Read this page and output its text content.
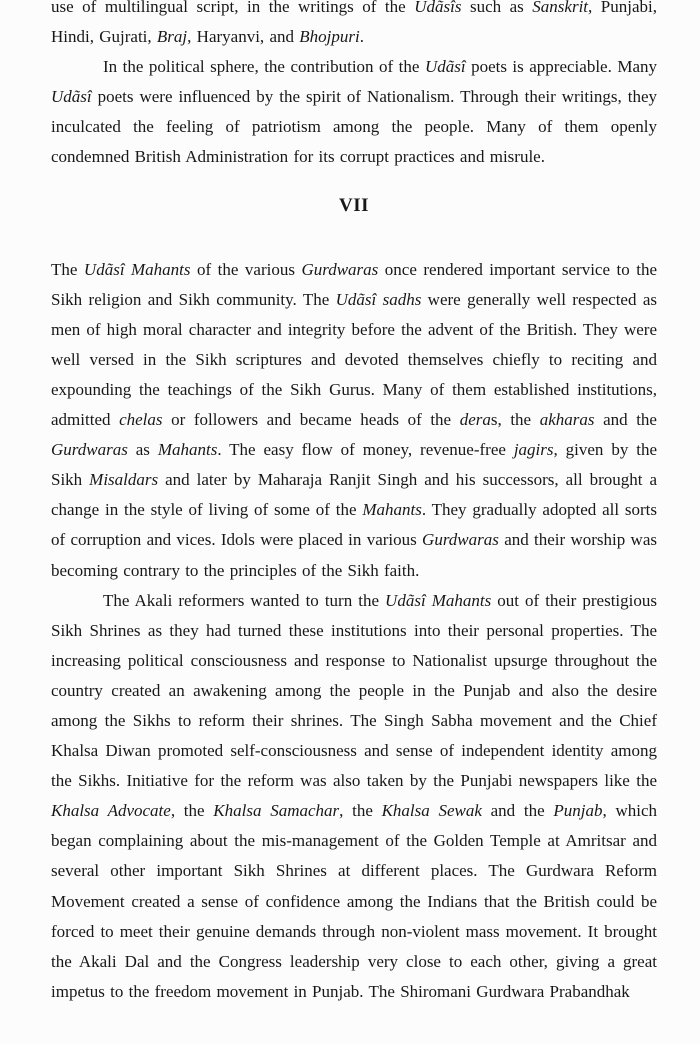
use of multilingual script, in the writings of the Udãsîs such as Sanskrit, Punjabi, Hindi, Gujrati, Braj, Haryanvi, and Bhojpuri.

In the political sphere, the contribution of the Udãsî poets is appreciable. Many Udãsî poets were influenced by the spirit of Nationalism. Through their writings, they inculcated the feeling of patriotism among the people. Many of them openly condemned British Administration for its corrupt practices and misrule.

VII

The Udãsî Mahants of the various Gurdwaras once rendered important service to the Sikh religion and Sikh community. The Udãsî sadhs were generally well respected as men of high moral character and integrity before the advent of the British. They were well versed in the Sikh scriptures and devoted themselves chiefly to reciting and expounding the teachings of the Sikh Gurus. Many of them established institutions, admitted chelas or followers and became heads of the deras, the akharas and the Gurdwaras as Mahants. The easy flow of money, revenue-free jagirs, given by the Sikh Misaldars and later by Maharaja Ranjit Singh and his successors, all brought a change in the style of living of some of the Mahants. They gradually adopted all sorts of corruption and vices. Idols were placed in various Gurdwaras and their worship was becoming contrary to the principles of the Sikh faith.

The Akali reformers wanted to turn the Udãsî Mahants out of their prestigious Sikh Shrines as they had turned these institutions into their personal properties. The increasing political consciousness and response to Nationalist upsurge throughout the country created an awakening among the people in the Punjab and also the desire among the Sikhs to reform their shrines. The Singh Sabha movement and the Chief Khalsa Diwan promoted self-consciousness and sense of independent identity among the Sikhs. Initiative for the reform was also taken by the Punjabi newspapers like the Khalsa Advocate, the Khalsa Samachar, the Khalsa Sewak and the Punjab, which began complaining about the mis-management of the Golden Temple at Amritsar and several other important Sikh Shrines at different places. The Gurdwara Reform Movement created a sense of confidence among the Indians that the British could be forced to meet their genuine demands through non-violent mass movement. It brought the Akali Dal and the Congress leadership very close to each other, giving a great impetus to the freedom movement in Punjab. The Shiromani Gurdwara Prabandhak
